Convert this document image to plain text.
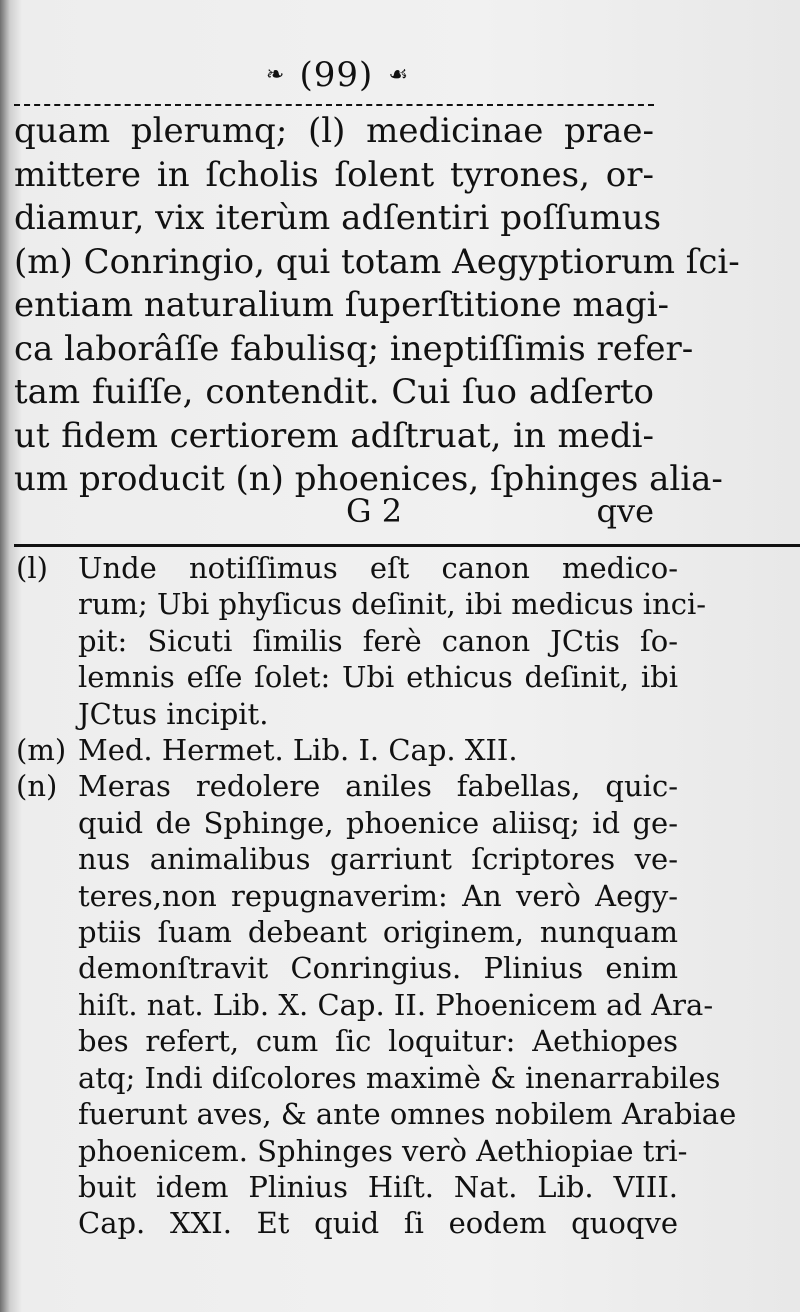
❧ (99) ☙
quam plerumq; (l) medicinae prae-
mittere in ſcholis ſolent tyrones, or-
diamur, vix iterùm adſentiri poſſumus
(m) Conringio, qui totam Aegyptiorum ſci-
entiam naturalium ſuperſtitione magi-
ca laborâſſe fabulisq; ineptiſſimis refer-
tam fuiſſe, contendit. Cui ſuo adſerto
ut fidem certiorem adſtruat, in medi-
um producit (n) phoenices, ſphinges alia-
G 2	qve
(l) Unde notiſſimus eſt canon medico-
rum; Ubi phyſicus deſinit, ibi medicus inci-
pit: Sicuti ſimilis ferè canon JCtis ſo-
lemnis eſſe ſolet: Ubi ethicus deſinit, ibi
JCtus incipit.
(m) Med. Hermet. Lib. I. Cap. XII.
(n) Meras redolere aniles fabellas, quic-
quid de Sphinge, phoenice aliisq; id ge-
nus animalibus garriunt ſcriptores ve-
teres,non repugnaverim: An verò Aegy-
ptiis ſuam debeant originem, nunquam
demonſtravit Conringius. Plinius enim
hiſt. nat. Lib. X. Cap. II. Phoenicem ad Ara-
bes refert, cum ſic loquitur: Aethiopes
atq; Indi diſcolores maximè & inenarrabiles
fuerunt aves, & ante omnes nobilem Arabiae
phoenicem. Sphinges verò Aethiopiae tri-
buit idem Plinius Hiſt. Nat. Lib. VIII.
Cap. XXI. Et quid ſi eodem quoqve
